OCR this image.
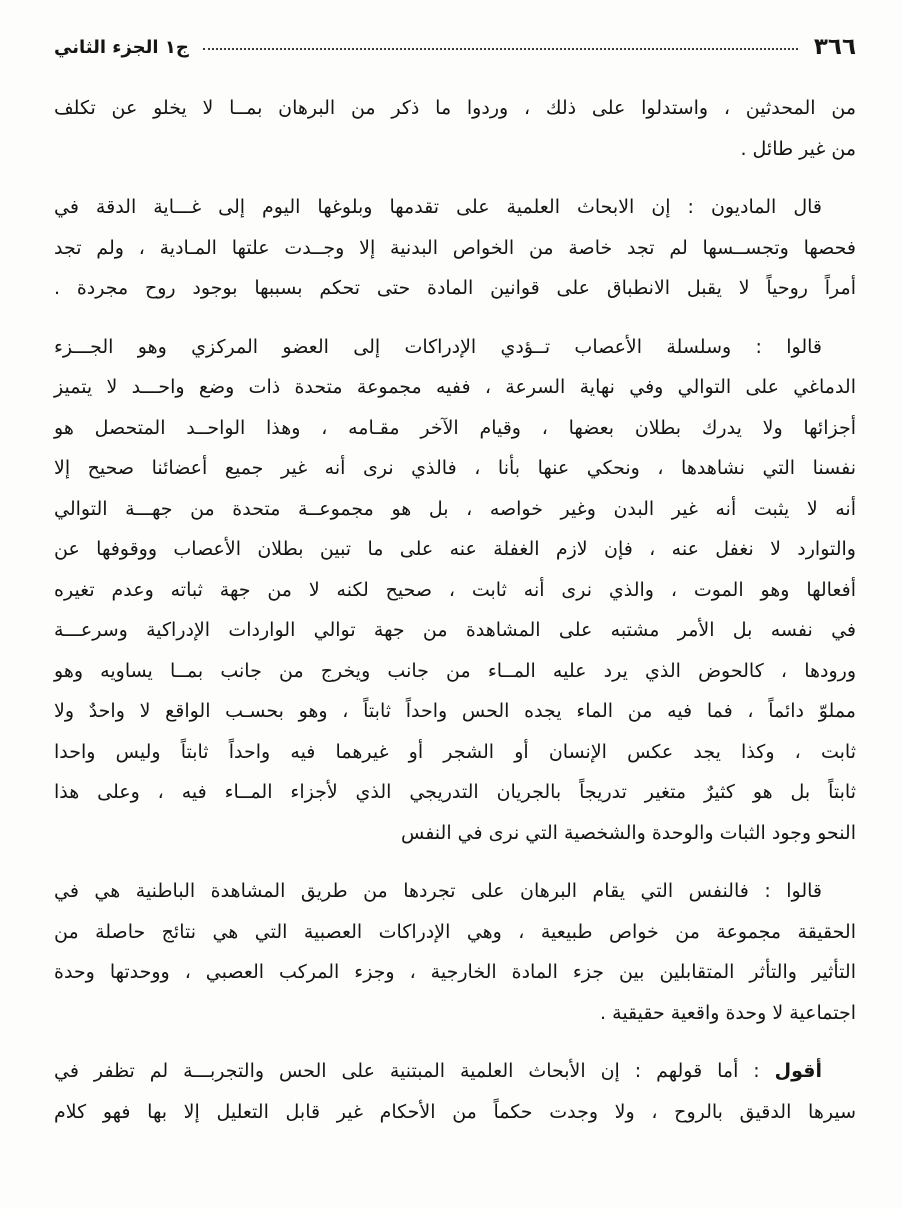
٣٦٦
ج١ الجزء الثاني
من المحدثين ، واستدلوا على ذلك ، وردوا ما ذكر من البرهان بمــا لا يخلو عن تكلف
من غير طائل .
قال الماديون : إن الابحاث العلمية على تقدمها وبلوغها اليوم إلى غـــاية الدقة في
فحصها وتجســسها لم تجد خاصة من الخواص البدنية إلا وجــدت علتها المـادية ، ولم تجد
أمراً روحياً لا يقبل الانطباق على قوانين المادة حتى تحكم بسببها بوجود روح مجردة .
قالوا : وسلسلة الأعصاب تــؤدي الإدراكات إلى العضو المركزي وهو الجـــزء
الدماغي على التوالي وفي نهاية السرعة ، ففيه مجموعة متحدة ذات وضع واحـــد لا يتميز
أجزائها ولا يدرك بطلان بعضها ، وقيام الآخر مقـامه ، وهذا الواحــد المتحصل هو
نفسنا التي نشاهدها ، ونحكي عنها بأنا ، فالذي نرى أنه غير جميع أعضائنا صحيح إلا
أنه لا يثبت أنه غير البدن وغير خواصه ، بل هو مجموعــة متحدة من جهـــة التوالي
والتوارد لا نغفل عنه ، فإن لازم الغفلة عنه على ما تبين بطلان الأعصاب ووقوفها عن
أفعالها وهو الموت ، والذي نرى أنه ثابت ، صحيح لكنه لا من جهة ثباته وعدم تغيره
في نفسه بل الأمر مشتبه على المشاهدة من جهة توالي الواردات الإدراكية وسرعـــة
ورودها ، كالحوض الذي يرد عليه المــاء من جانب ويخرج من جانب بمــا يساويه وهو
مملوّ دائماً ، فما فيه من الماء يجده الحس واحداً ثابتاً ، وهو بحسـب الواقع لا واحدٌ ولا
ثابت ، وكذا يجد عكس الإنسان أو الشجر أو غيرهما فيه واحداً ثابتاً وليس واحدا
ثابتاً بل هو كثيرٌ متغير تدريجاً بالجريان التدريجي الذي لأجزاء المــاء فيه ، وعلى هذا
النحو وجود الثبات والوحدة والشخصية التي نرى في النفس
قالوا : فالنفس التي يقام البرهان على تجردها من طريق المشاهدة الباطنية هي في
الحقيقة مجموعة من خواص طبيعية ، وهي الإدراكات العصبية التي هي نتائج حاصلة من
التأثير والتأثر المتقابلين بين جزء المادة الخارجية ، وجزء المركب العصبي ، ووحدتها وحدة
اجتماعية لا وحدة واقعية حقيقية .
أقول : أما قولهم : إن الأبحاث العلمية المبتنية على الحس والتجربـــة لم تظفر في
سيرها الدقيق بالروح ، ولا وجدت حكماً من الأحكام غير قابل التعليل إلا بها فهو كلام
